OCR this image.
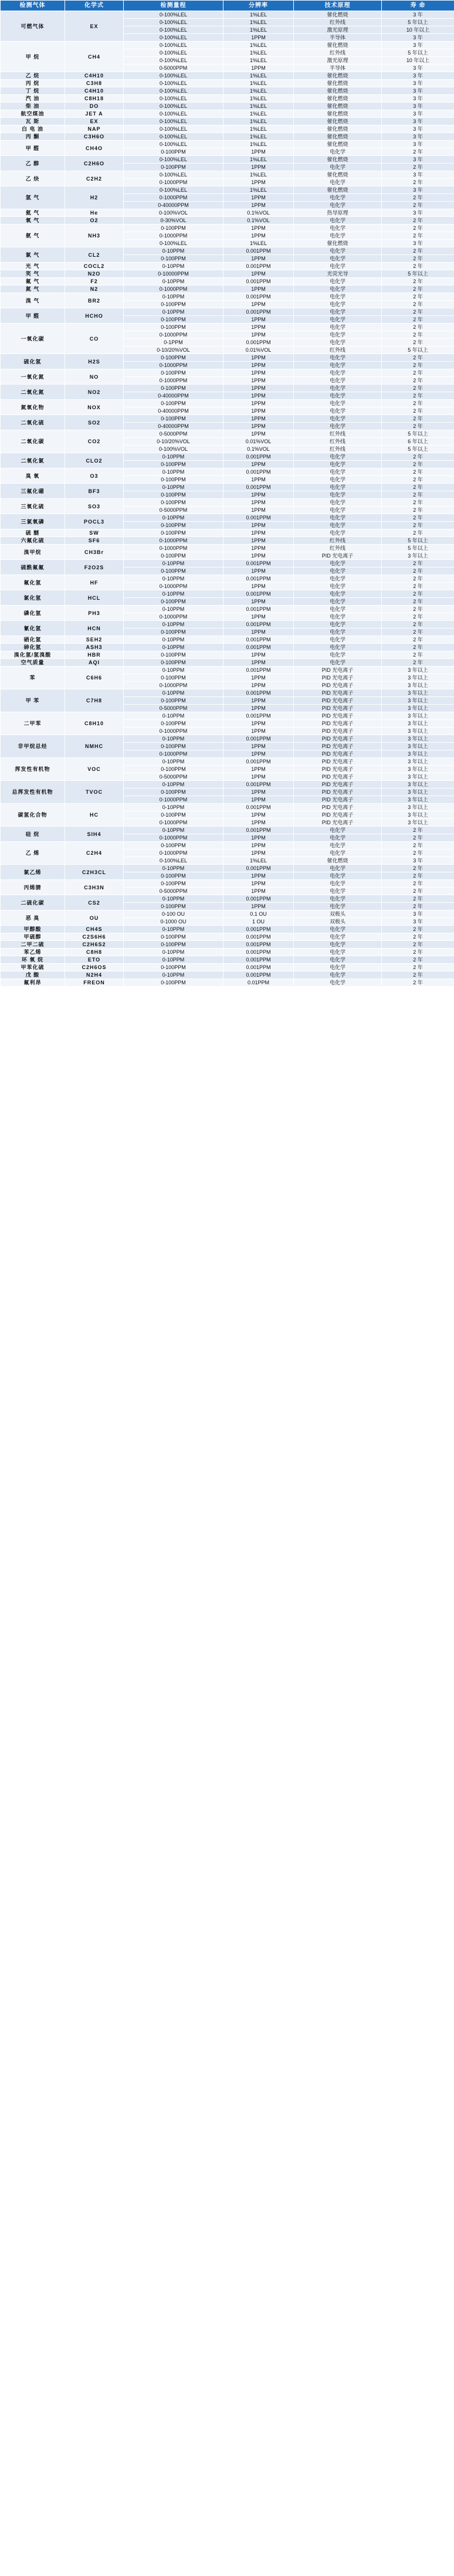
检测气体	化学式	检测量程	分辨率	技术原理	寿 命
可燃气体	EX	0-100%LEL	1%LEL	催化燃烧	3 年
		0-100%LEL	1%LEL	红外线	5 年以上
		0-100%LEL	1%LEL	激光原理	10 年以上
		0-100%LEL	1PPM	半导体	3 年
甲 烷	CH4	0-100%LEL	1%LEL	催化燃烧	3 年
		0-100%LEL	1%LEL	红外线	5 年以上
		0-100%LEL	1%LEL	激光原理	10 年以上
		0-5000PPM	1PPM	半导体	3 年
乙 烷	C4H10	0-100%LEL	1%LEL	催化燃烧	3 年
丙 烷	C3H8	0-100%LEL	1%LEL	催化燃烧	3 年
丁 烷	C4H10	0-100%LEL	1%LEL	催化燃烧	3 年
汽 油	C8H18	0-100%LEL	1%LEL	催化燃烧	3 年
柴 油	DO	0-100%LEL	1%LEL	催化燃烧	3 年
航空煤油	JET A	0-100%LEL	1%LEL	催化燃烧	3 年
瓦 斯	EX	0-100%LEL	1%LEL	催化燃烧	3 年
白 电 油	NAP	0-100%LEL	1%LEL	催化燃烧	3 年
丙 酮	C3H6O	0-100%LEL	1%LEL	催化燃烧	3 年
甲 醛	CH4O	0-100%LEL	1%LEL	催化燃烧	3 年
		0-100PPM	1PPM	电化学	2 年
乙 醇	C2H6O	0-100%LEL	1%LEL	催化燃烧	3 年
		0-100PPM	1PPM	电化学	2 年
乙 炔	C2H2	0-100%LEL	1%LEL	催化燃烧	3 年
		0-1000PPM	1PPM	电化学	2 年
氢 气	H2	0-100%LEL	1%LEL	催化燃烧	3 年
		0-1000PPM	1PPM	电化学	2 年
		0-40000PPM	1PPM	电化学	2 年
氦 气	He	0-100%VOL	0.1%VOL	热导原理	3 年
氧 气	O2	0-30%VOL	0.1%VOL	电化学	2 年
氨 气	NH3	0-100PPM	1PPM	电化学	2 年
		0-1000PPM	1PPM	电化学	2 年
		0-100%LEL	1%LEL	催化燃烧	3 年
氯 气	CL2	0-10PPM	0.001PPM	电化学	2 年
		0-100PPM	1PPM	电化学	2 年
光 气	COCL2	0-10PPM	0.001PPM	电化学	2 年
笑 气	N2O	0-10000PPM	1PPM	光荧光导	5 年以上
氟 气	F2	0-10PPM	0.001PPM	电化学	2 年
氮 气	N2	0-1000PPM	1PPM	电化学	2 年
溴 气	BR2	0-10PPM	0.001PPM	电化学	2 年
		0-100PPM	1PPM	电化学	2 年
甲 醛	HCHO	0-10PPM	0.001PPM	电化学	2 年
		0-100PPM	1PPM	电化学	2 年
一氧化碳	CO	0-100PPM	1PPM	电化学	2 年
		0-1000PPM	1PPM	电化学	2 年
		0-1PPM	0.001PPM	电化学	2 年
		0-10/20%VOL	0.01%VOL	红外线	5 年以上
硫化氢	H2S	0-100PPM	1PPM	电化学	2 年
		0-1000PPM	1PPM	电化学	2 年
一氧化氮	NO	0-100PPM	1PPM	电化学	2 年
		0-1000PPM	1PPM	电化学	2 年
二氧化氮	NO2	0-100PPM	1PPM	电化学	2 年
		0-40000PPM	1PPM	电化学	2 年
氮氧化物	NOX	0-100PPM	1PPM	电化学	2 年
		0-40000PPM	1PPM	电化学	2 年
二氧化硫	SO2	0-100PPM	1PPM	电化学	2 年
		0-40000PPM	1PPM	电化学	2 年
二氧化碳	CO2	0-5000PPM	1PPM	红外线	5 年以上
		0-10/20%VOL	0.01%VOL	红外线	6 年以上
		0-100%VOL	0.1%VOL	红外线	5 年以上
二氧化氯	CLO2	0-10PPM	0.001PPM	电化学	2 年
		0-100PPM	1PPM	电化学	2 年
臭 氧	O3	0-10PPM	0.001PPM	电化学	2 年
		0-100PPM	1PPM	电化学	2 年
三氟化硼	BF3	0-10PPM	0.001PPM	电化学	2 年
		0-100PPM	1PPM	电化学	2 年
三氧化硫	SO3	0-100PPM	1PPM	电化学	2 年
		0-5000PPM	1PPM	电化学	2 年
三氯氧磷	POCL3	0-10PPM	0.001PPM	电化学	2 年
		0-100PPM	1PPM	电化学	2 年
硫 醚	SW	0-100PPM	1PPM	电化学	2 年
六氟化硫	SF6	0-1000PPM	1PPM	红外线	5 年以上
溴甲烷	CH3Br	0-1000PPM	1PPM	红外线	5 年以上
		0-100PPM	1PPM	PID 光电离子	3 年以上
硫酰氟氟	F2O2S	0-10PPM	0.001PPM	电化学	2 年
		0-100PPM	1PPM	电化学	2 年
氟化氢	HF	0-10PPM	0.001PPM	电化学	2 年
		0-1000PPM	1PPM	电化学	2 年
氯化氢	HCL	0-10PPM	0.001PPM	电化学	2 年
		0-100PPM	1PPM	电化学	2 年
磷化氢	PH3	0-10PPM	0.001PPM	电化学	2 年
		0-1000PPM	1PPM	电化学	2 年
氰化氢	HCN	0-10PPM	0.001PPM	电化学	2 年
		0-100PPM	1PPM	电化学	2 年
硒化氢	SEH2	0-10PPM	0.001PPM	电化学	2 年
砷化氢	ASH3	0-10PPM	0.001PPM	电化学	2 年
溴化氢/氢溴酸	HBR	0-100PPM	1PPM	电化学	2 年
空气质量	AQI	0-100PPM	1PPM	电化学	2 年
苯	C6H6	0-10PPM	0.001PPM	PID 光电离子	3 年以上
		0-100PPM	1PPM	PID 光电离子	3 年以上
		0-1000PPM	1PPM	PID 光电离子	3 年以上
甲 苯	C7H8	0-10PPM	0.001PPM	PID 光电离子	3 年以上
		0-100PPM	1PPM	PID 光电离子	3 年以上
		0-5000PPM	1PPM	PID 光电离子	3 年以上
二甲苯	C8H10	0-10PPM	0.001PPM	PID 光电离子	3 年以上
		0-100PPM	1PPM	PID 光电离子	3 年以上
		0-1000PPM	1PPM	PID 光电离子	3 年以上
非甲烷总烃	NMHC	0-10PPM	0.001PPM	PID 光电离子	3 年以上
		0-100PPM	1PPM	PID 光电离子	3 年以上
		0-1000PPM	1PPM	PID 光电离子	3 年以上
挥发性有机物	VOC	0-10PPM	0.001PPM	PID 光电离子	3 年以上
		0-100PPM	1PPM	PID 光电离子	3 年以上
		0-5000PPM	1PPM	PID 光电离子	3 年以上
总挥发性有机物	TVOC	0-10PPM	0.001PPM	PID 光电离子	3 年以上
		0-100PPM	1PPM	PID 光电离子	3 年以上
		0-1000PPM	1PPM	PID 光电离子	3 年以上
碳氢化合物	HC	0-10PPM	0.001PPM	PID 光电离子	3 年以上
		0-100PPM	1PPM	PID 光电离子	3 年以上
		0-1000PPM	1PPM	PID 光电离子	3 年以上
硅 烷	SIH4	0-10PPM	0.001PPM	电化学	2 年
		0-1000PPM	1PPM	电化学	2 年
乙 烯	C2H4	0-100PPM	1PPM	电化学	2 年
		0-1000PPM	1PPM	电化学	2 年
		0-100%LEL	1%LEL	催化燃烧	3 年
氯乙烯	C2H3CL	0-10PPM	0.001PPM	电化学	2 年
		0-100PPM	1PPM	电化学	2 年
丙烯腈	C3H3N	0-100PPM	1PPM	电化学	2 年
		0-5000PPM	1PPM	电化学	2 年
二硫化碳	CS2	0-10PPM	0.001PPM	电化学	2 年
		0-100PPM	1PPM	电化学	2 年
恶 臭	OU	0-100 OU	0.1 OU	双极头	3 年
		0-1000 OU	1 OU	双极头	3 年
甲醇酸	CH4S	0-10PPM	0.001PPM	电化学	2 年
甲硫醇	C2S6H6	0-100PPM	0.001PPM	电化学	2 年
二甲二硫	C2H6S2	0-100PPM	0.001PPM	电化学	2 年
苯乙烯	C8H8	0-10PPM	0.001PPM	电化学	2 年
环 氧 烷	ETO	0-10PPM	0.001PPM	电化学	2 年
甲苯化硫	C2H6OS	0-100PPM	0.001PPM	电化学	2 年
戊 酸	N2H4	0-10PPM	0.001PPM	电化学	2 年
氟利昂	FREON	0-100PPM	0.01PPM	电化学	2 年
